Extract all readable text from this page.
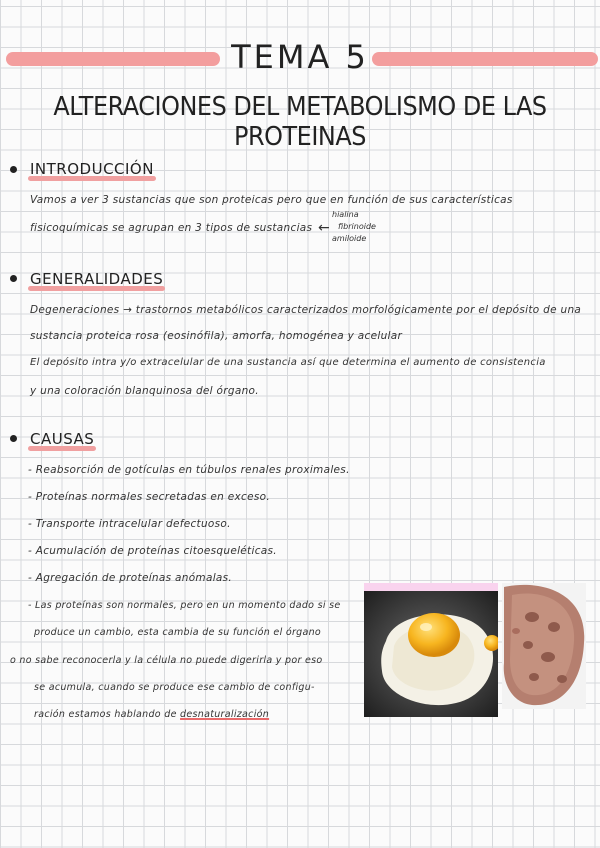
TEMA 5
ALTERACIONES DEL METABOLISMO DE LAS PROTEINAS
INTRODUCCIÓN
Vamos a ver 3 sustancias que son proteicas pero que en función de sus características
fisicoquímicas se agrupan en 3 tipos de sustancias ←
hialina
fibrinoide
amiloide
GENERALIDADES
Degeneraciones → trastornos metabólicos caracterizados morfológicamente por el depósito de una
sustancia proteica rosa (eosinófila), amorfa, homogénea y acelular
El depósito intra y/o extracelular de una sustancia así que determina el aumento de consistencia
y una coloración blanquinosa del órgano.
CAUSAS
- Reabsorción de gotículas en túbulos renales proximales.
- Proteínas normales secretadas en exceso.
- Transporte intracelular defectuoso.
- Acumulación de proteínas citoesqueléticas.
- Agregación de proteínas anómalas.
- Las proteínas son normales, pero en un momento dado si se
produce un cambio, esta cambia de su función el órgano
o no sabe reconocerla y la célula no puede digerirla y por eso
se acumula, cuando se produce ese cambio de configu-
ración estamos hablando de desnaturalización
